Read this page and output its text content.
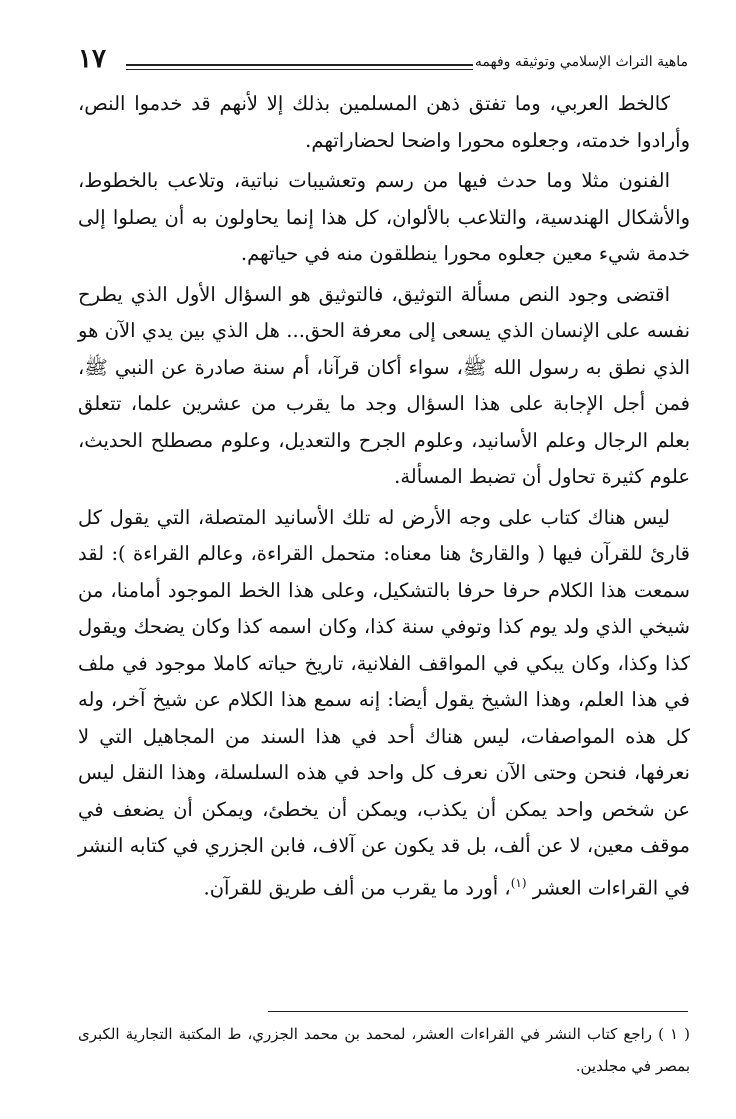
١٧	ماهية التراث الإسلامي وتوثيقه وفهمه

كالخط العربي، وما تفتق ذهن المسلمين بذلك إلا لأنهم قد خدموا النص، وأرادوا خدمته، وجعلوه محورا واضحا لحضاراتهم.

الفنون مثلا وما حدث فيها من رسم وتعشيبات نباتية، وتلاعب بالخطوط، والأشكال الهندسية، والتلاعب بالألوان، كل هذا إنما يحاولون به أن يصلوا إلى خدمة شيء معين جعلوه محورا ينطلقون منه في حياتهم.

اقتضى وجود النص مسألة التوثيق، فالتوثيق هو السؤال الأول الذي يطرح نفسه على الإنسان الذي يسعى إلى معرفة الحق... هل الذي بين يدي الآن هو الذي نطق به رسول الله ﷺ، سواء أكان قرآنا، أم سنة صادرة عن النبي ﷺ، فمن أجل الإجابة على هذا السؤال وجد ما يقرب من عشرين علما، تتعلق بعلم الرجال وعلم الأسانيد، وعلوم الجرح والتعديل، وعلوم مصطلح الحديث، علوم كثيرة تحاول أن تضبط المسألة.

ليس هناك كتاب على وجه الأرض له تلك الأسانيد المتصلة، التي يقول كل قارئ للقرآن فيها ( والقارئ هنا معناه: متحمل القراءة، وعالم القراءة ): لقد سمعت هذا الكلام حرفا حرفا بالتشكيل، وعلى هذا الخط الموجود أمامنا، من شيخي الذي ولد يوم كذا وتوفي سنة كذا، وكان اسمه كذا وكان يضحك ويقول كذا وكذا، وكان يبكي في المواقف الفلانية، تاريخ حياته كاملا موجود في ملف في هذا العلم، وهذا الشيخ يقول أيضا: إنه سمع هذا الكلام عن شيخ آخر، وله كل هذه المواصفات، ليس هناك أحد في هذا السند من المجاهيل التي لا نعرفها، فنحن وحتى الآن نعرف كل واحد في هذه السلسلة، وهذا النقل ليس عن شخص واحد يمكن أن يكذب، ويمكن أن يخطئ، ويمكن أن يضعف في موقف معين، لا عن ألف، بل قد يكون عن آلاف، فابن الجزري في كتابه النشر في القراءات العشر $^{(١)}$، أورد ما يقرب من ألف طريق للقرآن.

( ١ ) راجع كتاب النشر في القراءات العشر، لمحمد بن محمد الجزري، ط المكتبة التجارية الكبرى بمصر في مجلدين.
